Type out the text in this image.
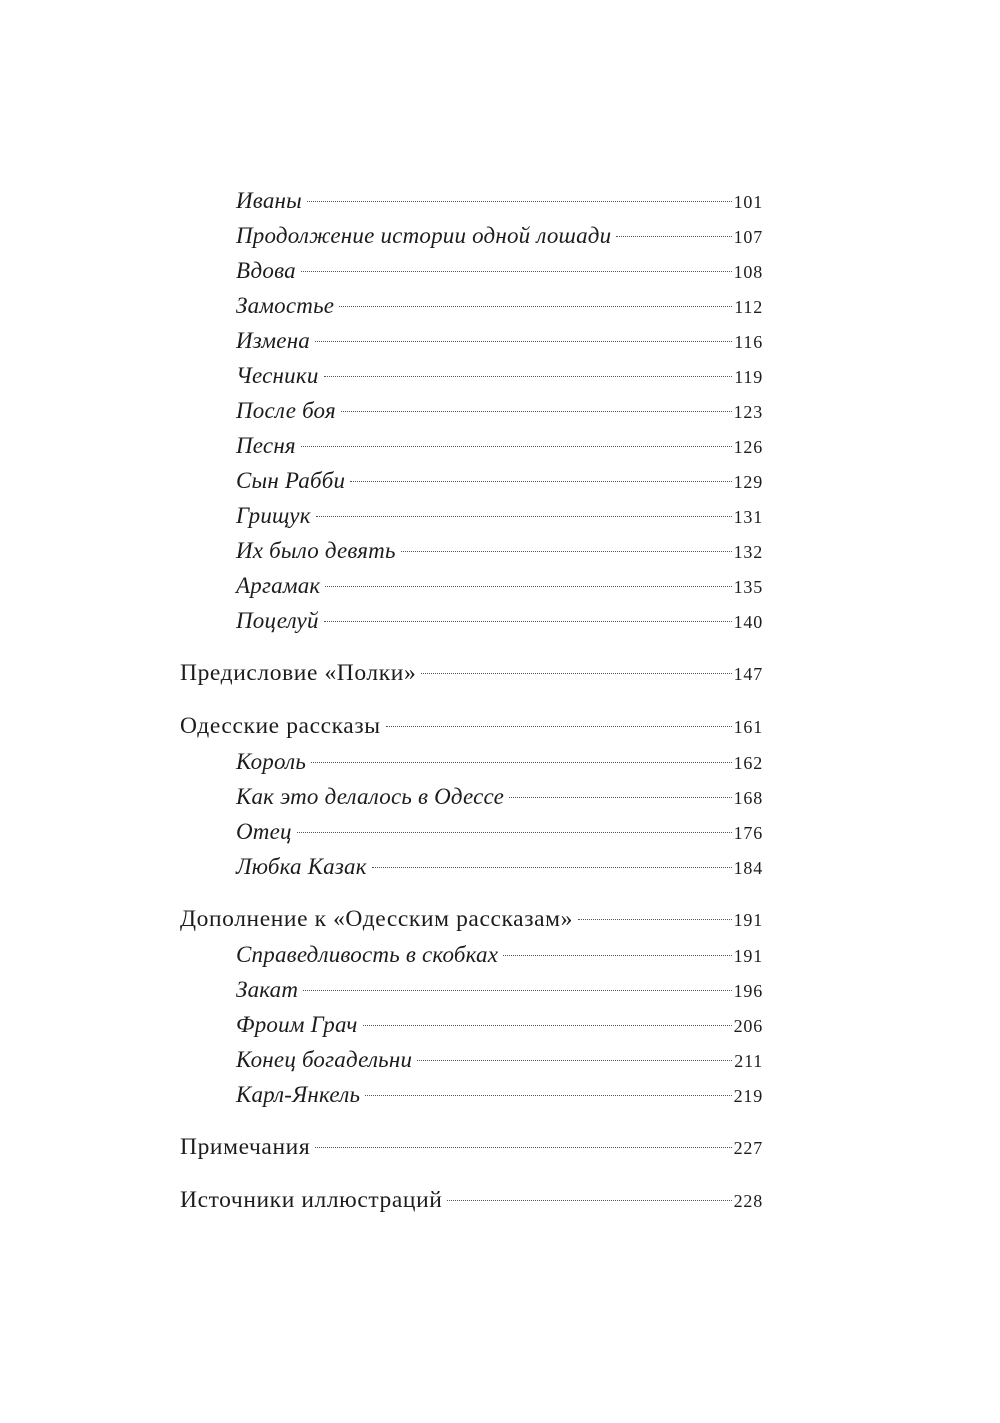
Иваны	101
Продолжение истории одной лошади	107
Вдова	108
Замостье	112
Измена	116
Чесники	119
После боя	123
Песня	126
Сын Рабби	129
Грищук	131
Их было девять	132
Аргамак	135
Поцелуй	140
Предисловие «Полки»	147
Одесские рассказы	161
Король	162
Как это делалось в Одессе	168
Отец	176
Любка Казак	184
Дополнение к «Одесским рассказам»	191
Справедливость в скобках	191
Закат	196
Фроим Грач	206
Конец богадельни	211
Карл-Янкель	219
Примечания	227
Источники иллюстраций	228
